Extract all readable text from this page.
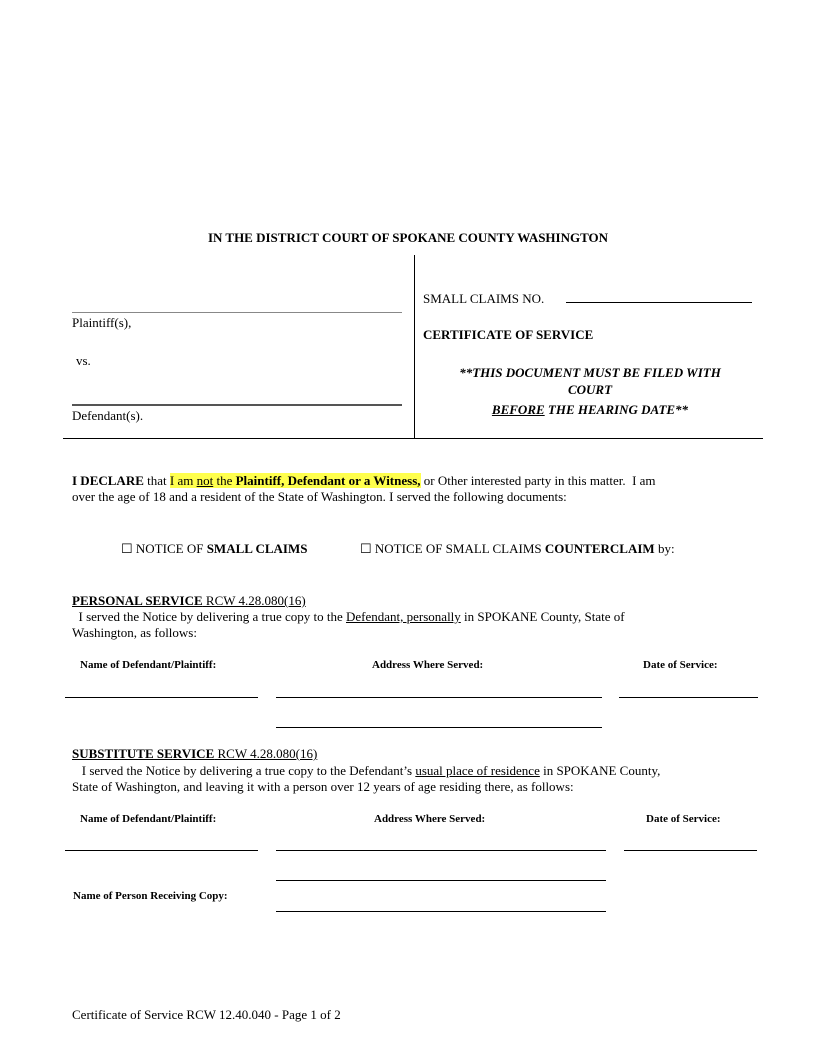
IN THE DISTRICT COURT OF SPOKANE COUNTY WASHINGTON
Plaintiff(s),
vs.
Defendant(s).
SMALL CLAIMS NO.
CERTIFICATE OF SERVICE
**THIS DOCUMENT MUST BE FILED WITH
COURT
BEFORE THE HEARING DATE**
I DECLARE that I am not the Plaintiff, Defendant or a Witness, or Other interested party in this matter.  I am
over the age of 18 and a resident of the State of Washington. I served the following documents:
☐ NOTICE OF SMALL CLAIMS	☐ NOTICE OF SMALL CLAIMS COUNTERCLAIM by:
PERSONAL SERVICE RCW 4.28.080(16)
I served the Notice by delivering a true copy to the Defendant, personally in SPOKANE County, State of
Washington, as follows:
Name of Defendant/Plaintiff:	Address Where Served:	Date of Service:
SUBSTITUTE SERVICE RCW 4.28.080(16)
I served the Notice by delivering a true copy to the Defendant’s usual place of residence in SPOKANE County,
State of Washington, and leaving it with a person over 12 years of age residing there, as follows:
Name of Defendant/Plaintiff:	Address Where Served:	Date of Service:
Name of Person Receiving Copy:
Certificate of Service RCW 12.40.040 - Page 1 of 2
